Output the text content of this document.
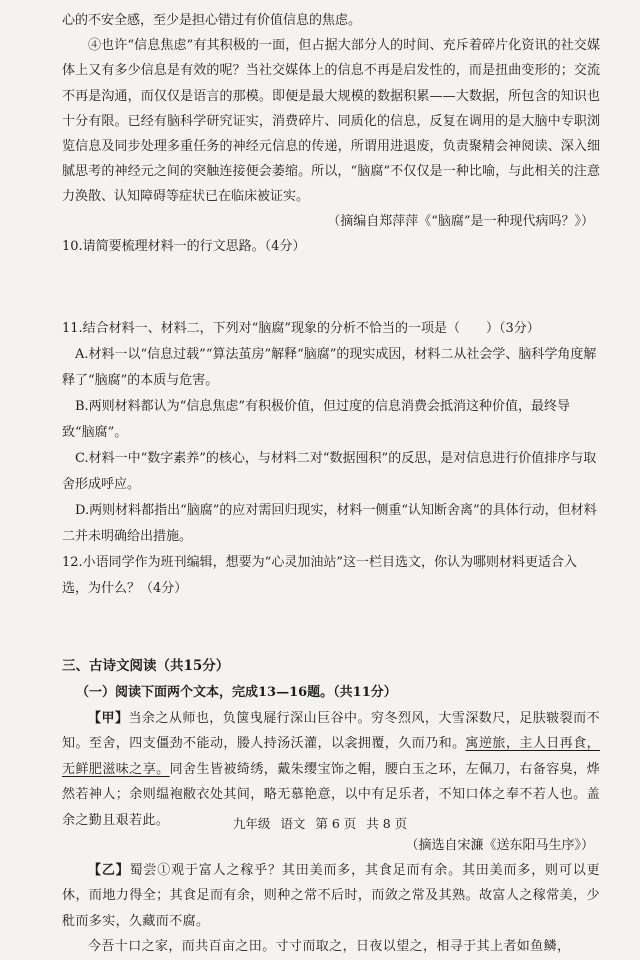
心的不安全感，至少是担心错过有价值信息的焦虑。

④也许“信息焦虑”有其积极的一面，但占据大部分人的时间、充斥着碎片化资讯的社交媒体上又有多少信息是有效的呢？当社交媒体上的信息不再是启发性的，而是扭曲变形的；交流不再是沟通，而仅仅是语言的那模。即便是最大规模的数据积累——大数据，所包含的知识也十分有限。已经有脑科学研究证实，消费碎片、同质化的信息，反复在调用的是大脑中专职浏览信息及同步处理多重任务的神经元信息的传递，所谓用进退废，负责聚精会神阅读、深入细腻思考的神经元之间的突触连接便会萎缩。所以，“脑腐”不仅仅是一种比喻，与此相关的注意力涣散、认知障碍等症状已在临床被证实。

（摘编自郑萍萍《“脑腐”是一种现代病吗？》）

10.请简要梳理材料一的行文思路。（4分）

11.结合材料一、材料二，下列对“脑腐”现象的分析不恰当的一项是（　　）（3分）

A.材料一以“信息过载”“算法茧房”解释“脑腐”的现实成因，材料二从社会学、脑科学角度解释了“脑腐”的本质与危害。

B.两则材料都认为“信息焦虑”有积极价值，但过度的信息消费会抵消这种价值，最终导致“脑腐”。

C.材料一中“数字素养”的核心，与材料二对“数据囤积”的反思，是对信息进行价值排序与取舍形成呼应。

D.两则材料都指出“脑腐”的应对需回归现实，材料一侧重“认知断舍离”的具体行动，但材料二并未明确给出措施。

12.小语同学作为班刊编辑，想要为“心灵加油站”这一栏目选文，你认为哪则材料更适合入选，为什么？（4分）

三、古诗文阅读（共15分）

（一）阅读下面两个文本，完成13—16题。（共11分）

【甲】当余之从师也，负箧曳屣行深山巨谷中。穷冬烈风，大雪深数尺，足肤皲裂而不知。至舍，四支僵劲不能动，媵人持汤沃灌，以衾拥覆，久而乃和。寓逆旅，主人日再食，无鲜肥滋味之享。同舍生皆被绮绣，戴朱缨宝饰之帽，腰白玉之环，左佩刀，右备容臭，烨然若神人；余则缊袍敝衣处其间，略无慕艳意，以中有足乐者，不知口体之奉不若人也。盖余之勤且艰若此。

（摘选自宋濂《送东阳马生序》）

【乙】蜀尝①观于富人之稼乎？其田美而多，其食足而有余。其田美而多，则可以更休，而地力得全；其食足而有余，则种之常不后时，而敛之常及其熟。故富人之稼常美，少秕而多实，久藏而不腐。

今吾十口之家，而共百亩之田。寸寸而取之，日夜以望之，相寻于其上者如鱼鳞，

九年级 语文 第 6 页 共 8 页
